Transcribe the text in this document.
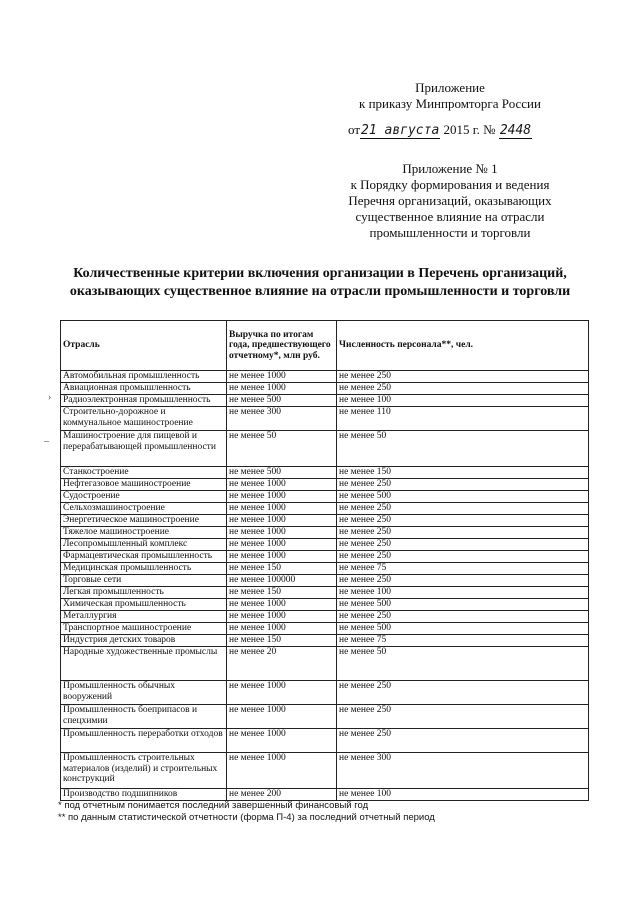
Приложение
к приказу Минпромторга России
от21 августа 2015 г. № 2448
Приложение № 1
к Порядку формирования и ведения
Перечня организаций, оказывающих
существенное влияние на отрасли
промышленности и торговли
Количественные критерии включения организации в Перечень организаций,
оказывающих существенное влияние на отрасли промышленности и торговли
Отрасль	Выручка по итогам года, предшествующего отчетному*, млн руб.	Численность персонала**, чел.
Автомобильная промышленность	не менее 1000	не менее 250
Авиационная промышленность	не менее 1000	не менее 250
Радиоэлектронная промышленность	не менее 500	не менее 100
Строительно-дорожное и коммунальное машиностроение	не менее 300	не менее 110
Машиностроение для пищевой и перерабатывающей промышленности	не менее 50	не менее 50
Станкостроение	не менее 500	не менее 150
Нефтегазовое машиностроение	не менее 1000	не менее 250
Судостроение	не менее 1000	не менее 500
Сельхозмашиностроение	не менее 1000	не менее 250
Энергетическое машиностроение	не менее 1000	не менее 250
Тяжелое машиностроение	не менее 1000	не менее 250
Лесопромышленный комплекс	не менее 1000	не менее 250
Фармацевтическая промышленность	не менее 1000	не менее 250
Медицинская промышленность	не менее 150	не менее 75
Торговые сети	не менее 100000	не менее 250
Легкая промышленность	не менее 150	не менее 100
Химическая промышленность	не менее 1000	не менее 500
Металлургия	не менее 1000	не менее 250
Транспортное машиностроение	не менее 1000	не менее 500
Индустрия детских товаров	не менее 150	не менее 75
Народные художественные промыслы	не менее 20	не менее 50
Промышленность обычных вооружений	не менее 1000	не менее 250
Промышленность боеприпасов и спецхимии	не менее 1000	не менее 250
Промышленность переработки отходов	не менее 1000	не менее 250
Промышленность строительных материалов (изделий) и строительных конструкций	не менее 1000	не менее 300
Производство подшипников	не менее 200	не менее 100
* под отчетным понимается последний завершенный финансовый год
** по данным статистической отчетности (форма П-4) за последний отчетный период
›
–
